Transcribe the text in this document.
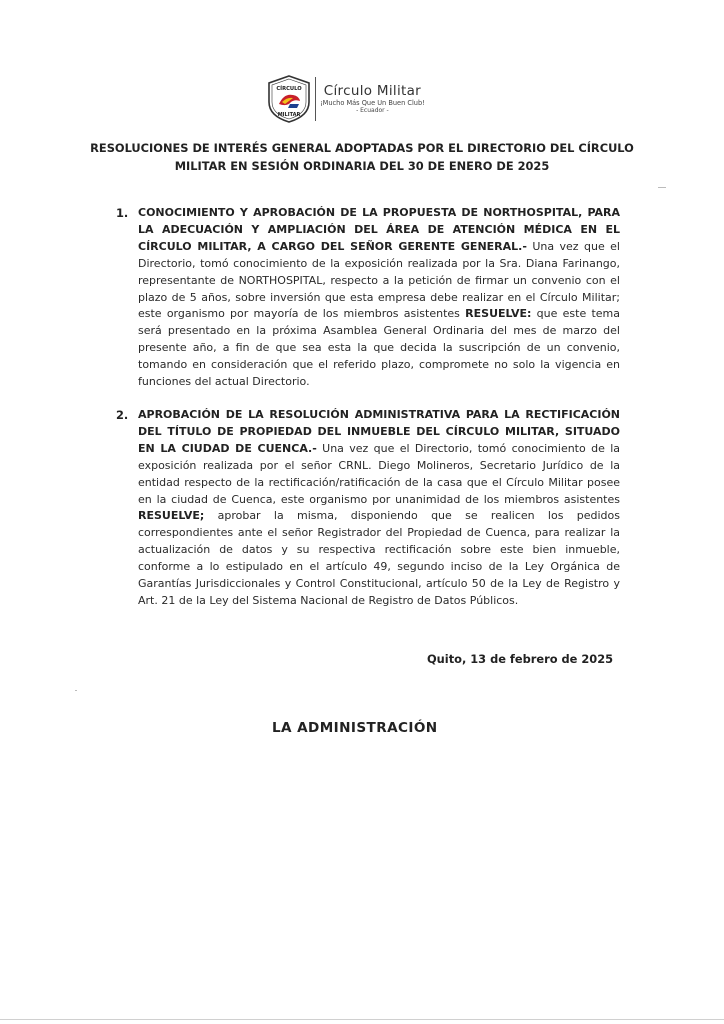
CÍRCULO
MILITAR
Círculo Militar
¡Mucho Más Que Un Buen Club!
- Ecuador -
RESOLUCIONES DE INTERÉS GENERAL ADOPTADAS POR EL DIRECTORIO DEL CÍRCULO MILITAR EN SESIÓN ORDINARIA DEL 30 DE ENERO DE 2025
1. CONOCIMIENTO Y APROBACIÓN DE LA PROPUESTA DE NORTHOSPITAL, PARA LA ADECUACIÓN Y AMPLIACIÓN DEL ÁREA DE ATENCIÓN MÉDICA EN EL CÍRCULO MILITAR, A CARGO DEL SEÑOR GERENTE GENERAL.- Una vez que el Directorio, tomó conocimiento de la exposición realizada por la Sra. Diana Farinango, representante de NORTHOSPITAL, respecto a la petición de firmar un convenio con el plazo de 5 años, sobre inversión que esta empresa debe realizar en el Círculo Militar; este organismo por mayoría de los miembros asistentes RESUELVE: que este tema será presentado en la próxima Asamblea General Ordinaria del mes de marzo del presente año, a fin de que sea esta la que decida la suscripción de un convenio, tomando en consideración que el referido plazo, compromete no solo la vigencia en funciones del actual Directorio.
2. APROBACIÓN DE LA RESOLUCIÓN ADMINISTRATIVA PARA LA RECTIFICACIÓN DEL TÍTULO DE PROPIEDAD DEL INMUEBLE DEL CÍRCULO MILITAR, SITUADO EN LA CIUDAD DE CUENCA.- Una vez que el Directorio, tomó conocimiento de la exposición realizada por el señor CRNL. Diego Molineros, Secretario Jurídico de la entidad respecto de la rectificación/ratificación de la casa que el Círculo Militar posee en la ciudad de Cuenca, este organismo por unanimidad de los miembros asistentes RESUELVE; aprobar la misma, disponiendo que se realicen los pedidos correspondientes ante el señor Registrador del Propiedad de Cuenca, para realizar la actualización de datos y su respectiva rectificación sobre este bien inmueble, conforme a lo estipulado en el artículo 49, segundo inciso de la Ley Orgánica de Garantías Jurisdiccionales y Control Constitucional, artículo 50 de la Ley de Registro y Art. 21 de la Ley del Sistema Nacional de Registro de Datos Públicos.
Quito, 13 de febrero de 2025
LA ADMINISTRACIÓN
